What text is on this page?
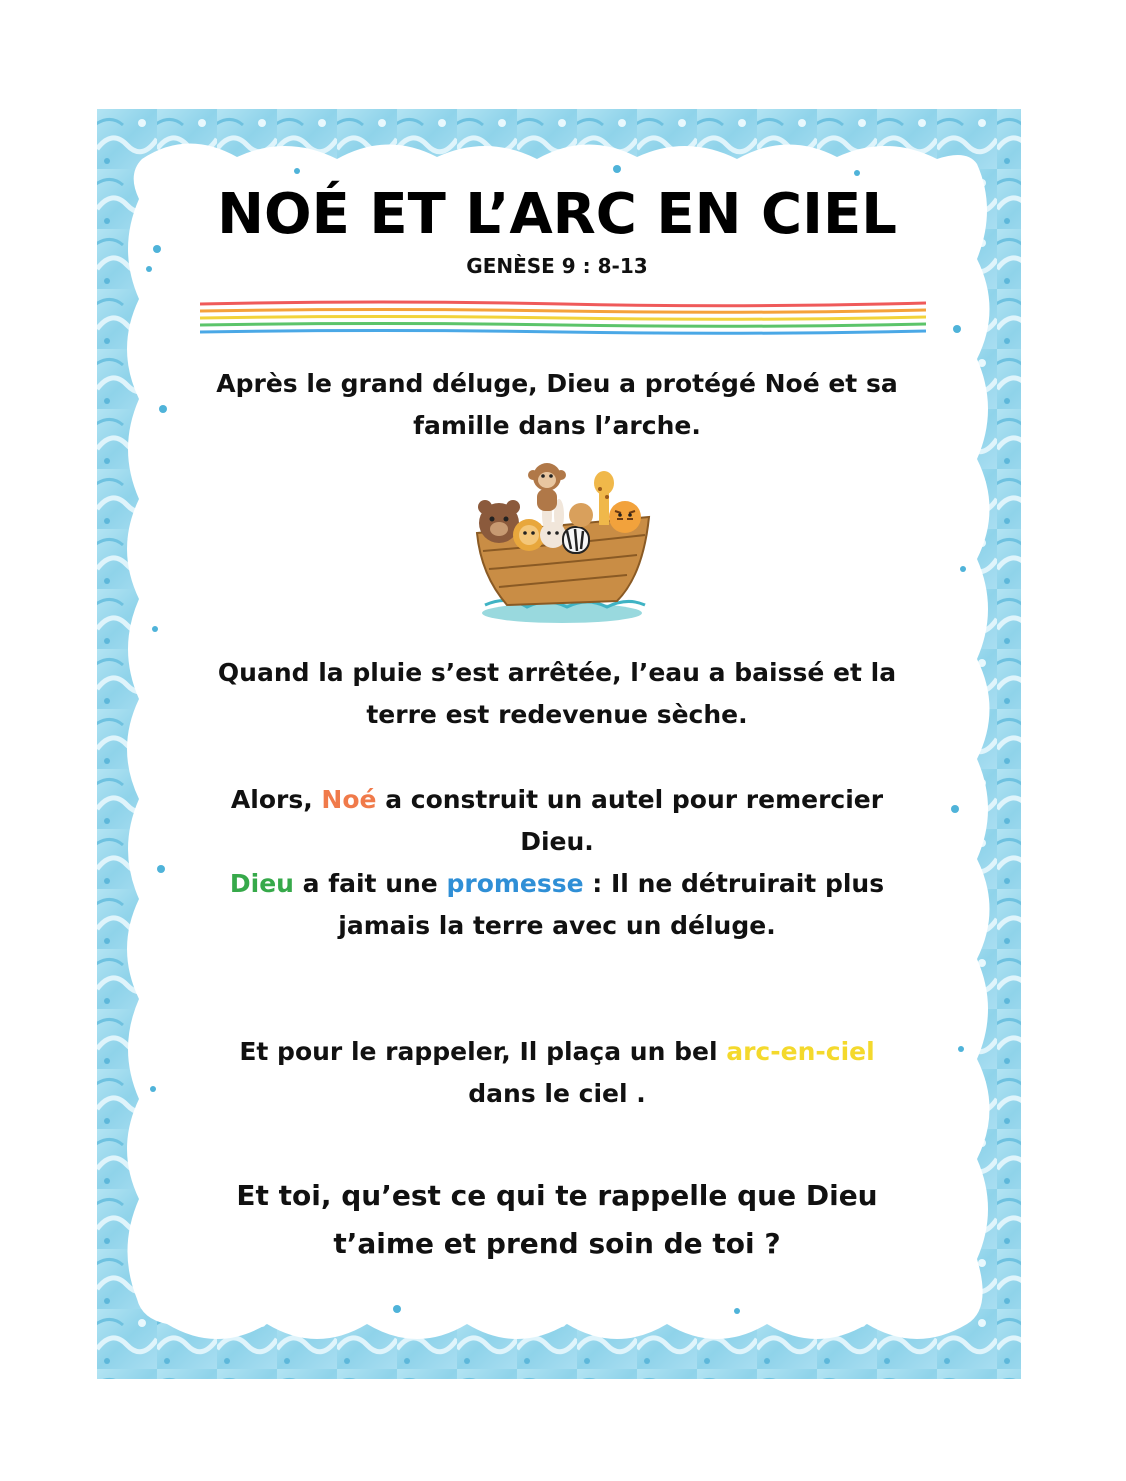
NOÉ ET L’ARC EN CIEL
GENÈSE 9 : 8-13
Après le grand déluge, Dieu a protégé Noé et sa
famille dans l’arche.
Quand la pluie s’est arrêtée, l’eau a baissé et la
terre est redevenue sèche.
Alors, Noé a construit un autel pour remercier
Dieu.
Dieu a fait une promesse : Il ne détruirait plus
jamais la terre avec un déluge.
Et pour le rappeler, Il plaça un bel arc-en-ciel
dans le ciel .
Et toi, qu’est ce qui te rappelle que Dieu
t’aime et prend soin de toi ?
